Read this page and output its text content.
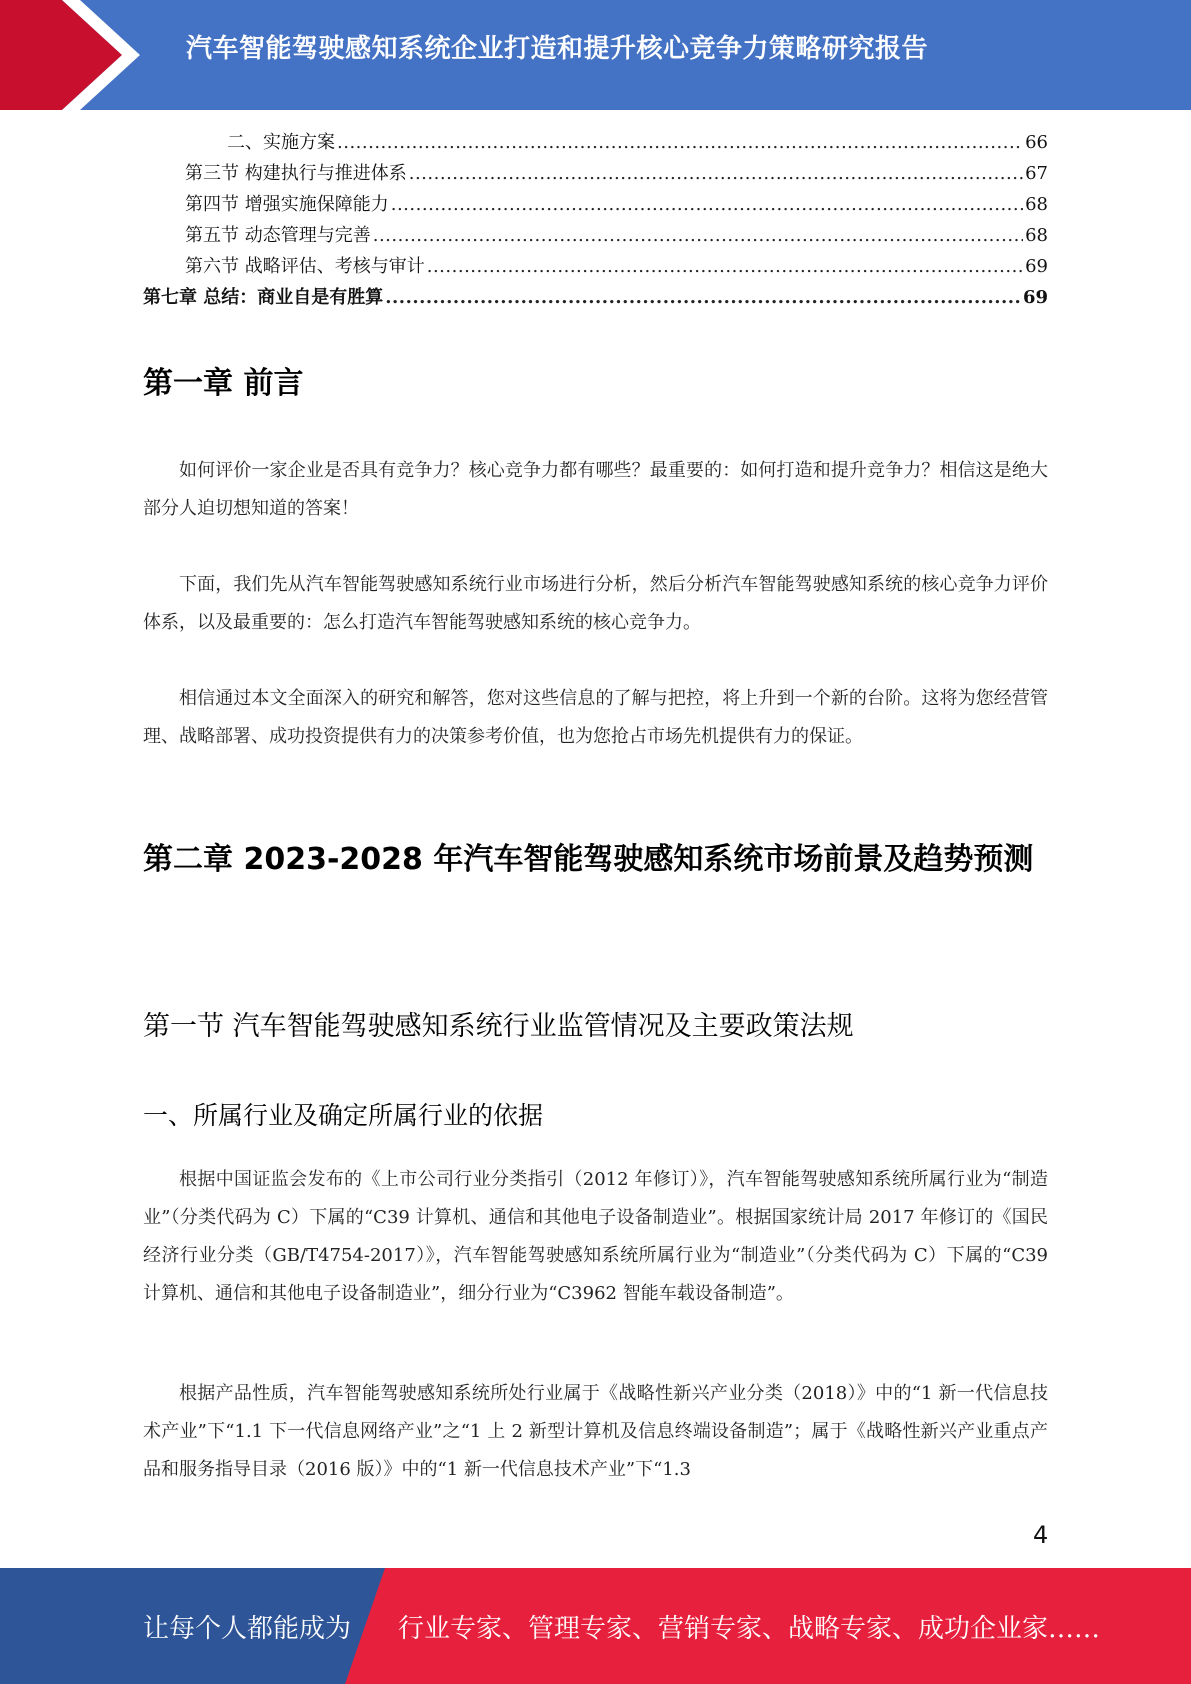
汽车智能驾驶感知系统企业打造和提升核心竞争力策略研究报告
二、实施方案 .....	66
第三节 构建执行与推进体系 .....	67
第四节 增强实施保障能力 .....	68
第五节 动态管理与完善 .....	68
第六节 战略评估、考核与审计 .....	69
第七章 总结：商业自是有胜算 .....	69
第一章 前言

如何评价一家企业是否具有竞争力？核心竞争力都有哪些？最重要的：如何打造和提升竞争力？相信这是绝大部分人迫切想知道的答案！

下面，我们先从汽车智能驾驶感知系统行业市场进行分析，然后分析汽车智能驾驶感知系统的核心竞争力评价体系，以及最重要的：怎么打造汽车智能驾驶感知系统的核心竞争力。

相信通过本文全面深入的研究和解答，您对这些信息的了解与把控，将上升到一个新的台阶。这将为您经营管理、战略部署、成功投资提供有力的决策参考价值，也为您抢占市场先机提供有力的保证。

第二章 2023-2028 年汽车智能驾驶感知系统市场前景及趋势预测
第一节 汽车智能驾驶感知系统行业监管情况及主要政策法规
一、所属行业及确定所属行业的依据

根据中国证监会发布的《上市公司行业分类指引（2012 年修订）》，汽车智能驾驶感知系统所属行业为“制造业”（分类代码为 C）下属的“C39 计算机、通信和其他电子设备制造业”。根据国家统计局 2017 年修订的《国民经济行业分类（GB/T4754-2017）》，汽车智能驾驶感知系统所属行业为“制造业”（分类代码为 C）下属的“C39 计算机、通信和其他电子设备制造业”，细分行业为“C3962 智能车载设备制造”。

根据产品性质，汽车智能驾驶感知系统所处行业属于《战略性新兴产业分类（2018）》中的“1 新一代信息技术产业”下“1.1 下一代信息网络产业”之“1 上 2 新型计算机及信息终端设备制造”；属于《战略性新兴产业重点产品和服务指导目录（2016 版）》中的“1 新一代信息技术产业”下“1.3

4
让每个人都能成为 行业专家、管理专家、营销专家、战略专家、成功企业家……
